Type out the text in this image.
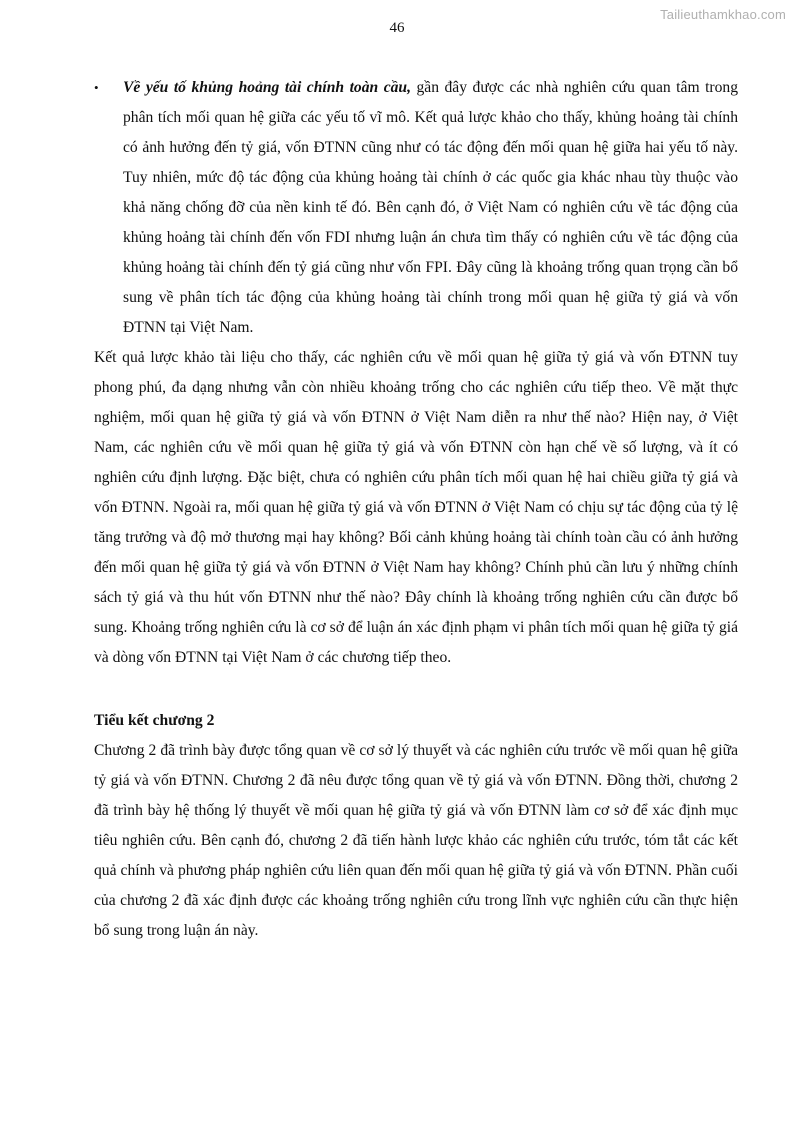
Tailieuthamkhao.com
46

• Về yếu tố khủng hoảng tài chính toàn cầu, gần đây được các nhà nghiên cứu quan tâm trong phân tích mối quan hệ giữa các yếu tố vĩ mô. Kết quả lược khảo cho thấy, khủng hoảng tài chính có ảnh hưởng đến tỷ giá, vốn ĐTNN cũng như có tác động đến mối quan hệ giữa hai yếu tố này. Tuy nhiên, mức độ tác động của khủng hoảng tài chính ở các quốc gia khác nhau tùy thuộc vào khả năng chống đỡ của nền kinh tế đó. Bên cạnh đó, ở Việt Nam có nghiên cứu về tác động của khủng hoảng tài chính đến vốn FDI nhưng luận án chưa tìm thấy có nghiên cứu về tác động của khủng hoảng tài chính đến tỷ giá cũng như vốn FPI. Đây cũng là khoảng trống quan trọng cần bổ sung về phân tích tác động của khủng hoảng tài chính trong mối quan hệ giữa tỷ giá và vốn ĐTNN tại Việt Nam.

Kết quả lược khảo tài liệu cho thấy, các nghiên cứu về mối quan hệ giữa tỷ giá và vốn ĐTNN tuy phong phú, đa dạng nhưng vẫn còn nhiều khoảng trống cho các nghiên cứu tiếp theo. Về mặt thực nghiệm, mối quan hệ giữa tỷ giá và vốn ĐTNN ở Việt Nam diễn ra như thế nào? Hiện nay, ở Việt Nam, các nghiên cứu về mối quan hệ giữa tỷ giá và vốn ĐTNN còn hạn chế về số lượng, và ít có nghiên cứu định lượng. Đặc biệt, chưa có nghiên cứu phân tích mối quan hệ hai chiều giữa tỷ giá và vốn ĐTNN. Ngoài ra, mối quan hệ giữa tỷ giá và vốn ĐTNN ở Việt Nam có chịu sự tác động của tỷ lệ tăng trưởng và độ mở thương mại hay không? Bối cảnh khủng hoảng tài chính toàn cầu có ảnh hưởng đến mối quan hệ giữa tỷ giá và vốn ĐTNN ở Việt Nam hay không? Chính phủ cần lưu ý những chính sách tỷ giá và thu hút vốn ĐTNN như thế nào? Đây chính là khoảng trống nghiên cứu cần được bổ sung. Khoảng trống nghiên cứu là cơ sở để luận án xác định phạm vi phân tích mối quan hệ giữa tỷ giá và dòng vốn ĐTNN tại Việt Nam ở các chương tiếp theo.

Tiểu kết chương 2

Chương 2 đã trình bày được tổng quan về cơ sở lý thuyết và các nghiên cứu trước về mối quan hệ giữa tỷ giá và vốn ĐTNN. Chương 2 đã nêu được tổng quan về tỷ giá và vốn ĐTNN. Đồng thời, chương 2 đã trình bày hệ thống lý thuyết về mối quan hệ giữa tỷ giá và vốn ĐTNN làm cơ sở để xác định mục tiêu nghiên cứu. Bên cạnh đó, chương 2 đã tiến hành lược khảo các nghiên cứu trước, tóm tắt các kết quả chính và phương pháp nghiên cứu liên quan đến mối quan hệ giữa tỷ giá và vốn ĐTNN. Phần cuối của chương 2 đã xác định được các khoảng trống nghiên cứu trong lĩnh vực nghiên cứu cần thực hiện bổ sung trong luận án này.
